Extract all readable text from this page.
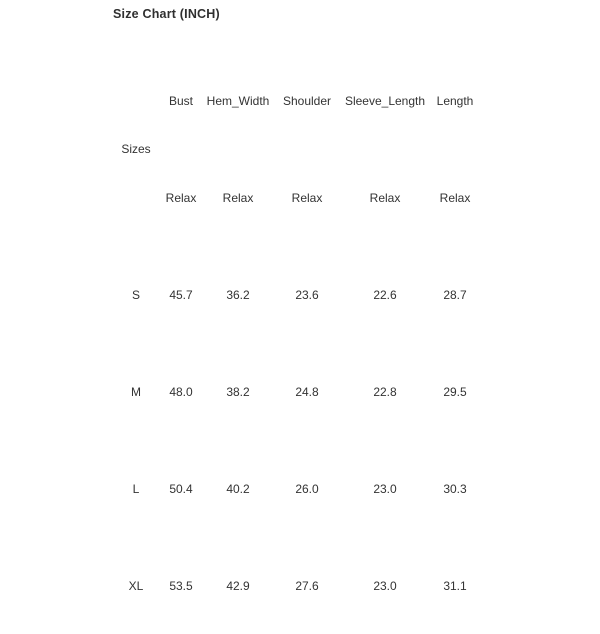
Size Chart (INCH)
Sizes	Bust	Hem_Width	Shoulder	Sleeve_Length	Length
	Relax	Relax	Relax	Relax	Relax
S	45.7	36.2	23.6	22.6	28.7
M	48.0	38.2	24.8	22.8	29.5
L	50.4	40.2	26.0	23.0	30.3
XL	53.5	42.9	27.6	23.0	31.1
